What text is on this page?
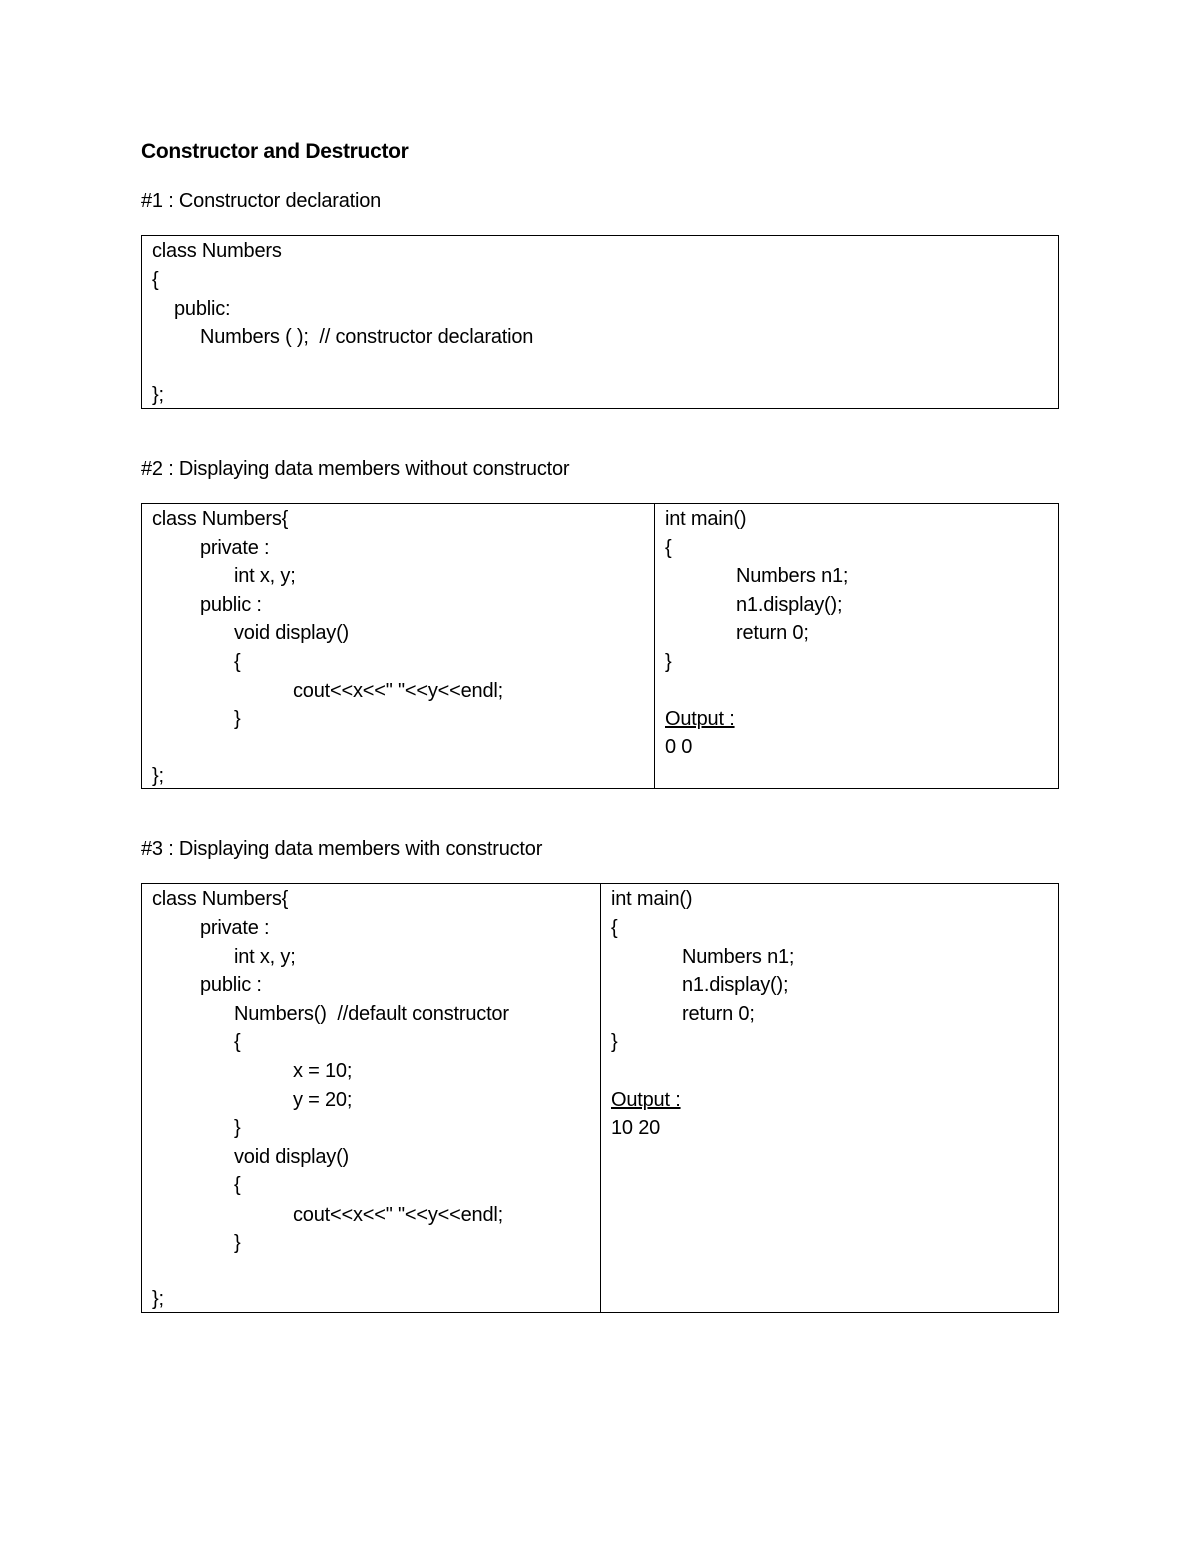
Constructor and Destructor
#1 : Constructor declaration
class Numbers
{
public:
Numbers ( );  // constructor declaration
};
#2 : Displaying data members without constructor
class Numbers{
private :
int x, y;
public :
void display()
{
cout<<x<<" "<<y<<endl;
}
};
int main()
{
Numbers n1;
n1.display();
return 0;
}
Output :
0 0
#3 : Displaying data members with constructor
class Numbers{
private :
int x, y;
public :
Numbers()  //default constructor
{
x = 10;
y = 20;
}
void display()
{
cout<<x<<" "<<y<<endl;
}
};
int main()
{
Numbers n1;
n1.display();
return 0;
}
Output :
10 20
